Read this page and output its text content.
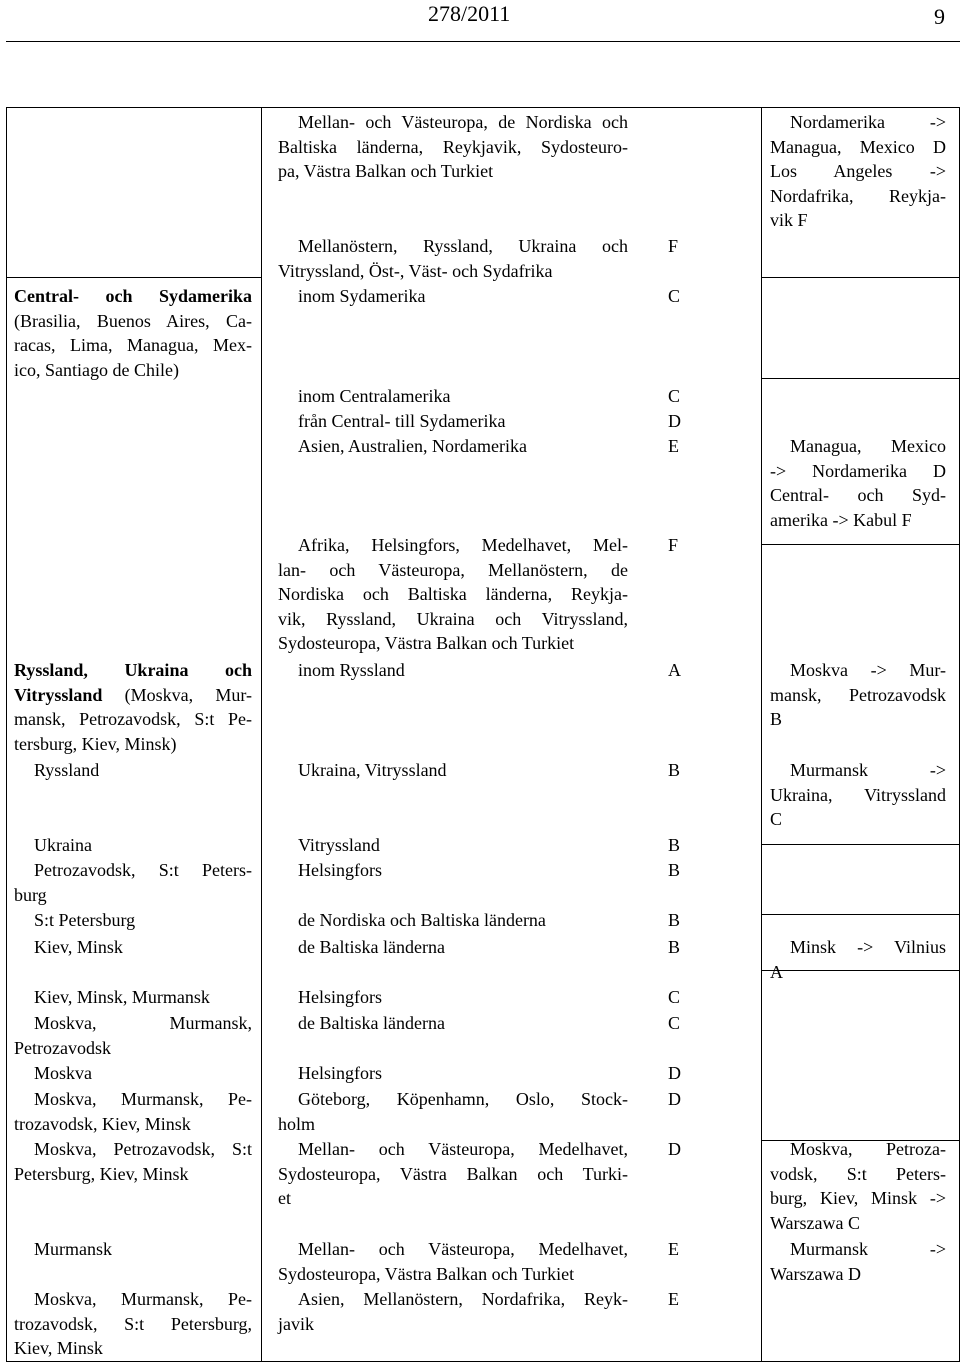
278/2011	9
Central- och Sydamerika
(Brasilia, Buenos Aires, Ca-
racas, Lima, Managua, Mex-
ico, Santiago de Chile)
Ryssland, Ukraina och
Vitryssland (Moskva, Mur-
mansk, Petrozavodsk, S:t Pe-
tersburg, Kiev, Minsk)
Ryssland
Ukraina
Petrozavodsk, S:t Peters-
burg
S:t Petersburg
Kiev, Minsk
Kiev, Minsk, Murmansk
Moskva, Murmansk,
Petrozavodsk
Moskva
Moskva, Murmansk, Pe-
trozavodsk, Kiev, Minsk
Moskva, Petrozavodsk, S:t
Petersburg, Kiev, Minsk
Murmansk
Moskva, Murmansk, Pe-
trozavodsk, S:t Petersburg,
Kiev, Minsk
Mellan- och Västeuropa, de Nordiska och
Baltiska länderna, Reykjavik, Sydosteuro-
pa, Västra Balkan och Turkiet
Mellanöstern, Ryssland, Ukraina och
Vitryssland, Öst-, Väst- och Sydafrika
inom Sydamerika
inom Centralamerika
från Central- till Sydamerika
Asien, Australien, Nordamerika
Afrika, Helsingfors, Medelhavet, Mel-
lan- och Västeuropa, Mellanöstern, de
Nordiska och Baltiska länderna, Reykja-
vik, Ryssland, Ukraina och Vitryssland,
Sydosteuropa, Västra Balkan och Turkiet
inom Ryssland
Ukraina, Vitryssland
Vitryssland
Helsingfors
de Nordiska och Baltiska länderna
de Baltiska länderna
Helsingfors
de Baltiska länderna
Helsingfors
Göteborg, Köpenhamn, Oslo, Stock-
holm
Mellan- och Västeuropa, Medelhavet,
Sydosteuropa, Västra Balkan och Turki-
et
Mellan- och Västeuropa, Medelhavet,
Sydosteuropa, Västra Balkan och Turkiet
Asien, Mellanöstern, Nordafrika, Reyk-
javik
F
C
C
D
E
F
A
B
B
B
B
B
C
C
D
D
D
E
E
Nordamerika ->
Managua, Mexico D
Los Angeles ->
Nordafrika, Reykja-
vik F
Managua, Mexico
-> Nordamerika D
Central- och Syd-
amerika -> Kabul F
Moskva -> Mur-
mansk, Petrozavodsk
B
Murmansk ->
Ukraina, Vitryssland
C
Minsk -> Vilnius
A
Moskva, Petroza-
vodsk, S:t Peters-
burg, Kiev, Minsk ->
Warszawa C
Murmansk ->
Warszawa D
